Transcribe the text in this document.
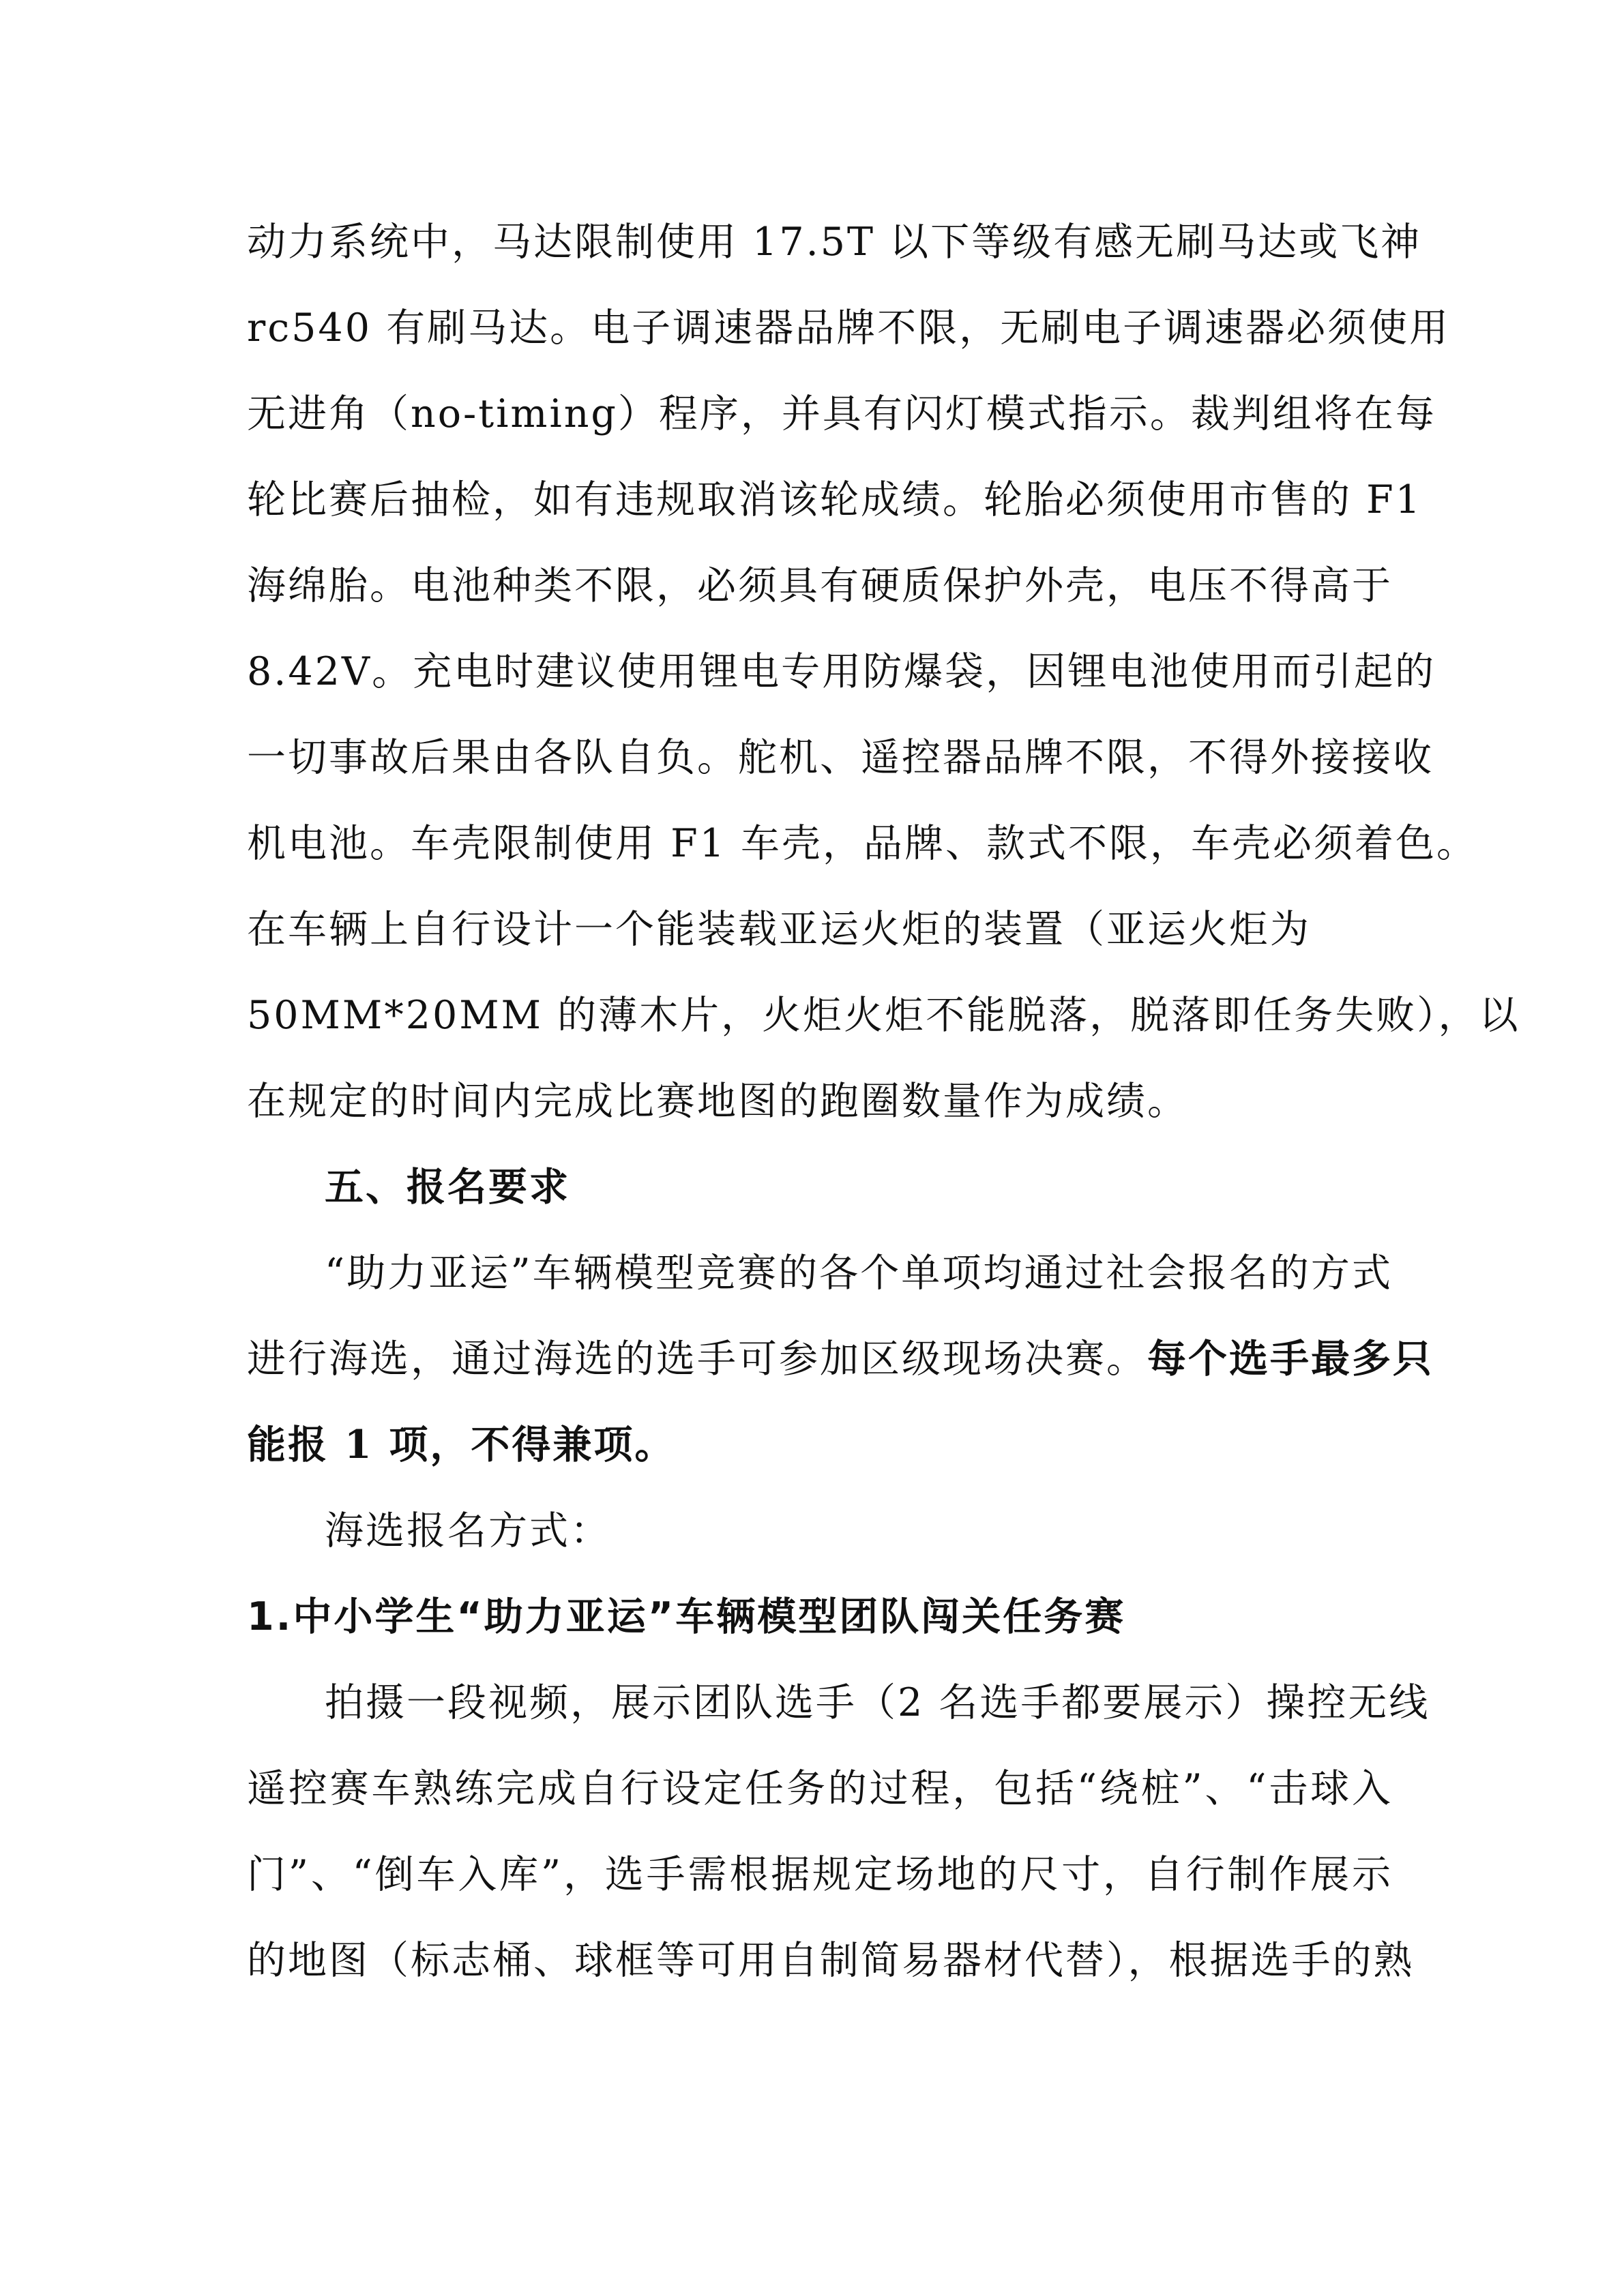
动力系统中，马达限制使用 17.5T 以下等级有感无刷马达或飞神
rc540 有刷马达。电子调速器品牌不限，无刷电子调速器必须使用
无进角（no-timing）程序，并具有闪灯模式指示。裁判组将在每
轮比赛后抽检，如有违规取消该轮成绩。轮胎必须使用市售的 F1
海绵胎。电池种类不限，必须具有硬质保护外壳，电压不得高于
8.42V。充电时建议使用锂电专用防爆袋，因锂电池使用而引起的
一切事故后果由各队自负。舵机、遥控器品牌不限，不得外接接收
机电池。车壳限制使用 F1 车壳，品牌、款式不限，车壳必须着色。
在车辆上自行设计一个能装载亚运火炬的装置（亚运火炬为
50MM*20MM 的薄木片，火炬火炬不能脱落，脱落即任务失败），以
在规定的时间内完成比赛地图的跑圈数量作为成绩。
五、报名要求
“助力亚运”车辆模型竞赛的各个单项均通过社会报名的方式
进行海选，通过海选的选手可参加区级现场决赛。每个选手最多只
能报 1 项，不得兼项。
海选报名方式：
1.中小学生“助力亚运”车辆模型团队闯关任务赛
拍摄一段视频，展示团队选手（2 名选手都要展示）操控无线
遥控赛车熟练完成自行设定任务的过程，包括“绕桩”、“击球入
门”、“倒车入库”，选手需根据规定场地的尺寸，自行制作展示
的地图（标志桶、球框等可用自制简易器材代替），根据选手的熟
